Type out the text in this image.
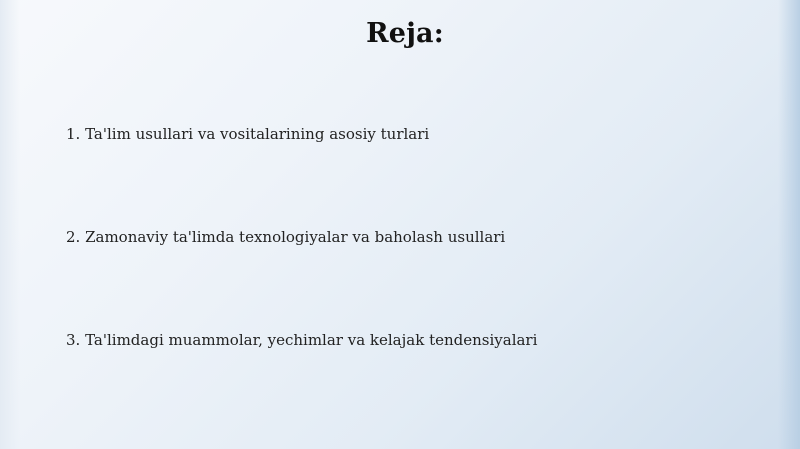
Reja:
1. Ta'lim usullari va vositalarining asosiy turlari
2. Zamonaviy ta'limda texnologiyalar va baholash usullari
3. Ta'limdagi muammolar, yechimlar va kelajak tendensiyalari
